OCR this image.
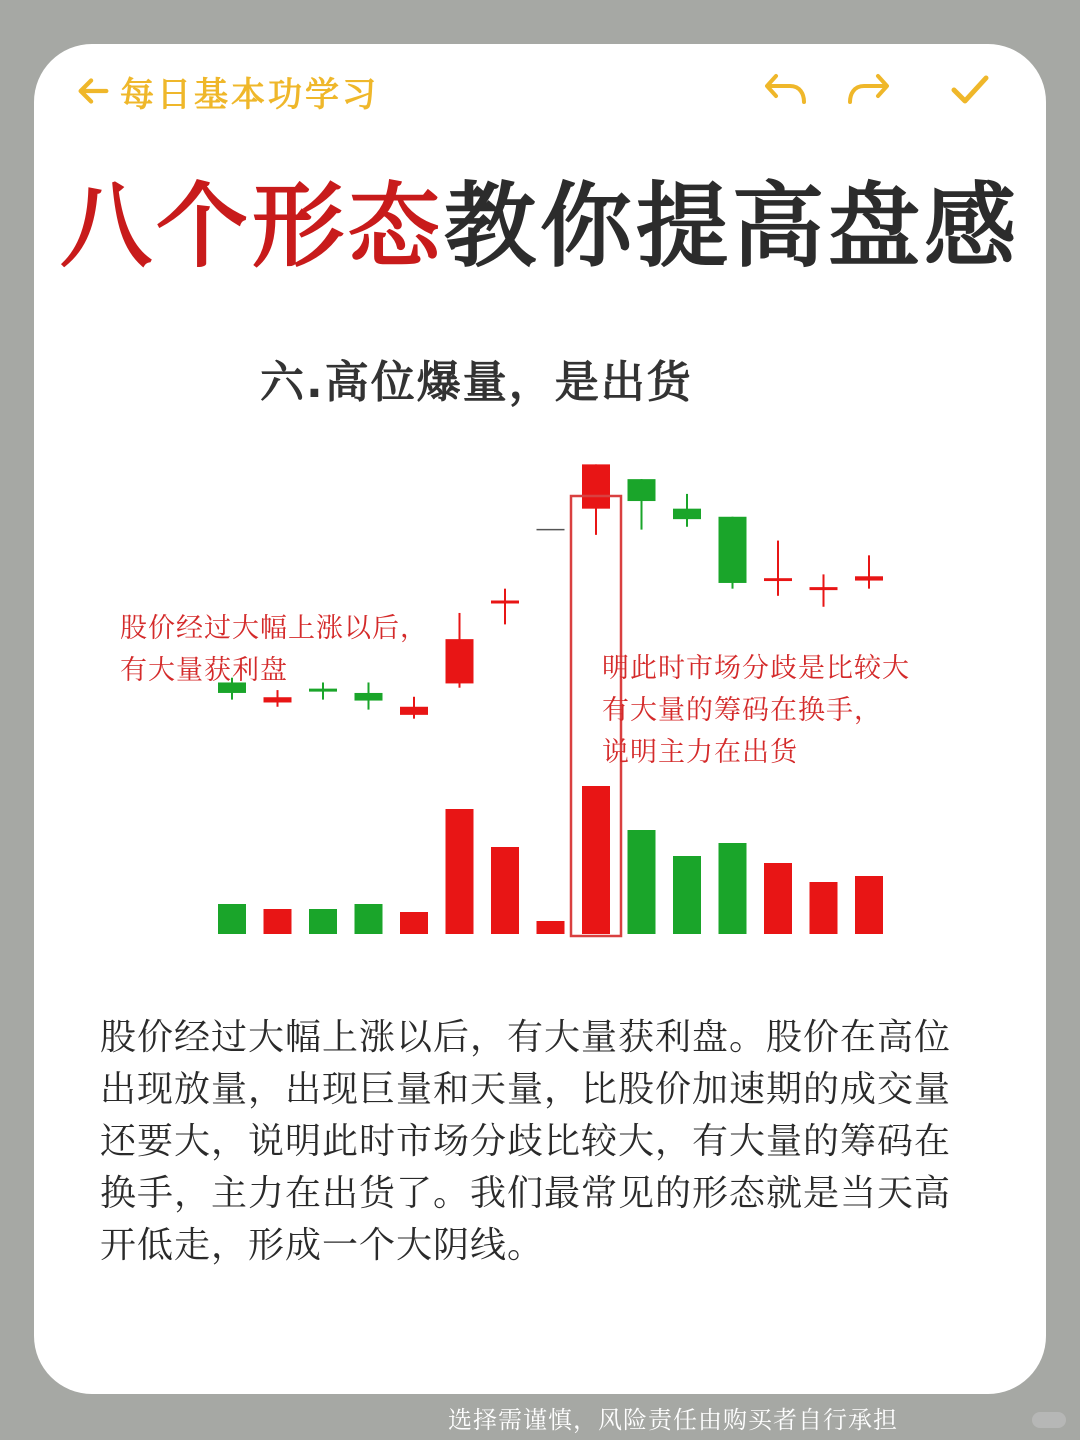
每日基本功学习
八个形态教你提高盘感
六.高位爆量，是出货
股价经过大幅上涨以后，
有大量获利盘	明此时市场分歧是比较大
有大量的筹码在换手，
说明主力在出货
股价经过大幅上涨以后，有大量获利盘。股价在高位出现放量，出现巨量和天量，比股价加速期的成交量还要大，说明此时市场分歧比较大，有大量的筹码在换手，主力在出货了。我们最常见的形态就是当天高开低走，形成一个大阴线。
选择需谨慎，风险责任由购买者自行承担
